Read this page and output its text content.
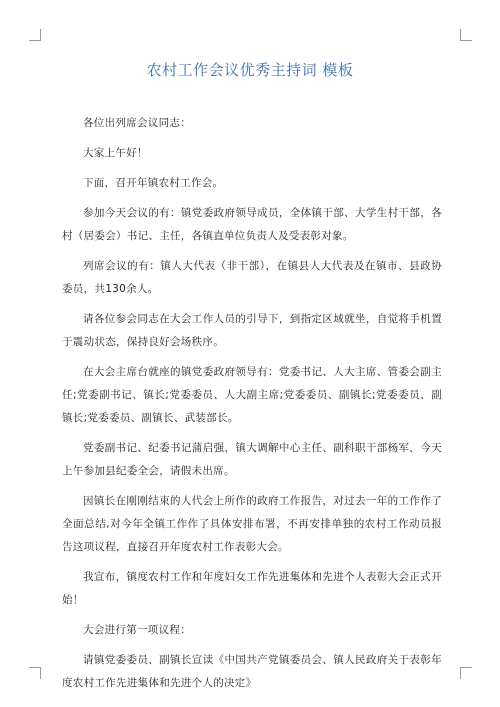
农村工作会议优秀主持词 模板

各位出列席会议同志：

大家上午好！

下面，召开年镇农村工作会。

参加今天会议的有：镇党委政府领导成员，全体镇干部、大学生村干部，各村（居委会）书记、主任，各镇直单位负责人及受表彰对象。

列席会议的有：镇人大代表（非干部），在镇县人大代表及在镇市、县政协委员，共130余人。

请各位参会同志在大会工作人员的引导下，到指定区域就坐，自觉将手机置于震动状态，保持良好会场秩序。

在大会主席台就座的镇党委政府领导有：党委书记、人大主席、管委会副主任;党委副书记、镇长;党委委员、人大副主席;党委委员、副镇长;党委委员、副镇长;党委委员、副镇长、武装部长。

党委副书记、纪委书记蒲启强，镇大调解中心主任、副科职干部杨军，今天上午参加县纪委全会，请假未出席。

因镇长在刚刚结束的人代会上所作的政府工作报告，对过去一年的工作作了全面总结,对今年全镇工作作了具体安排布署，不再安排单独的农村工作动员报告这项议程，直接召开年度农村工作表彰大会。

我宣布，镇度农村工作和年度妇女工作先进集体和先进个人表彰大会正式开始！

大会进行第一项议程：

请镇党委委员、副镇长宣读《中国共产党镇委员会、镇人民政府关于表彰年度农村工作先进集体和先进个人的决定》
